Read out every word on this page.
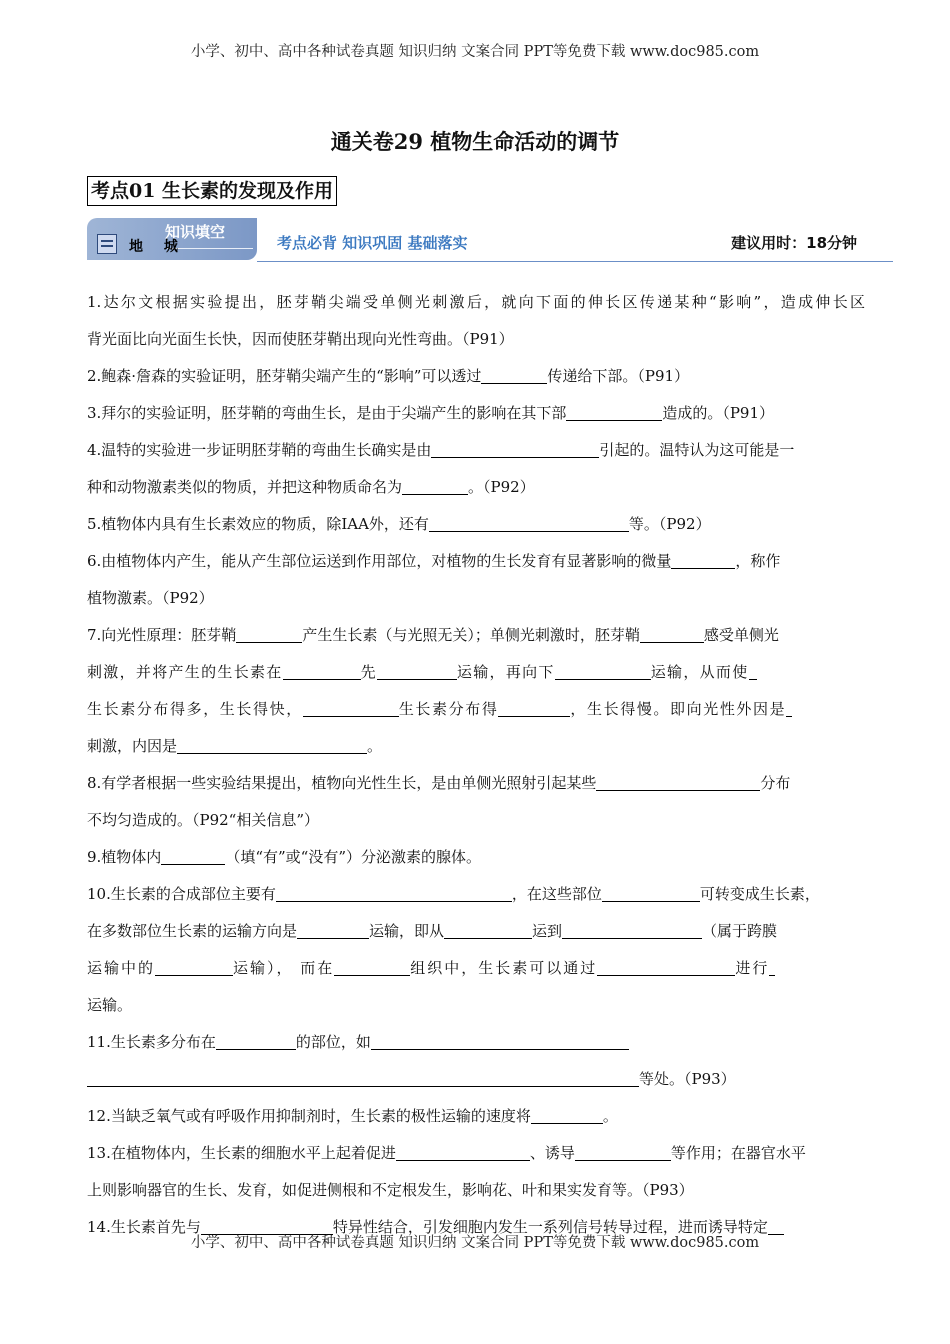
小学、初中、高中各种试卷真题 知识归纳 文案合同 PPT等免费下载 www.doc985.com
通关卷29 植物生命活动的调节
考点01 生长素的发现及作用
知识填空
地 城	考点必背 知识巩固 基础落实	建议用时：18分钟
1.达尔文根据实验提出，胚芽鞘尖端受单侧光刺激后，就向下面的伸长区传递某种“影响”，造成伸长区
背光面比向光面生长快，因而使胚芽鞘出现向光性弯曲。（P91）
2.鲍森·詹森的实验证明，胚芽鞘尖端产生的“影响”可以透过	传递给下部。（P91）
3.拜尔的实验证明，胚芽鞘的弯曲生长，是由于尖端产生的影响在其下部	造成的。（P91）
4.温特的实验进一步证明胚芽鞘的弯曲生长确实是由	引起的。温特认为这可能是一
种和动物激素类似的物质，并把这种物质命名为	。（P92）
5.植物体内具有生长素效应的物质，除IAA外，还有	等。（P92）
6.由植物体内产生，能从产生部位运送到作用部位，对植物的生长发育有显著影响的微量	，称作
植物激素。（P92）
7.向光性原理：胚芽鞘	产生生长素（与光照无关）；单侧光刺激时，胚芽鞘	感受单侧光
刺激，并将产生的生长素在	先	运输，再向下	运输，从而使
生长素分布得多，生长得快，	生长素分布得	，生长得慢。即向光性外因是
刺激，内因是	。
8.有学者根据一些实验结果提出，植物向光性生长，是由单侧光照射引起某些	分布
不均匀造成的。（P92“相关信息”）
9.植物体内	（填“有”或“没有”）分泌激素的腺体。
10.生长素的合成部位主要有	，在这些部位	可转变成生长素，
在多数部位生长素的运输方向是	运输，即从	运到	（属于跨膜
运输中的	运输）， 而在	组织中，生长素可以通过	进行
运输。
11.生长素多分布在	的部位，如
等处。（P93）
12.当缺乏氧气或有呼吸作用抑制剂时，生长素的极性运输的速度将	。
13.在植物体内，生长素的细胞水平上起着促进	、诱导	等作用；在器官水平
上则影响器官的生长、发育，如促进侧根和不定根发生，影响花、叶和果实发育等。（P93）
14.生长素首先与	特异性结合，引发细胞内发生一系列信号转导过程，进而诱导特定
小学、初中、高中各种试卷真题 知识归纳 文案合同 PPT等免费下载 www.doc985.com
